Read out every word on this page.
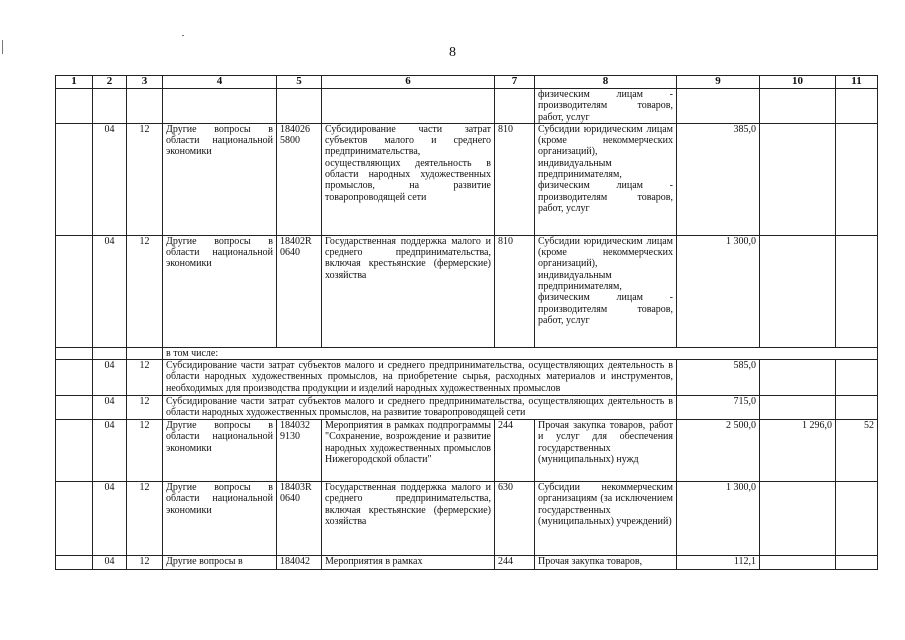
8
1	2	3	4	5	6	7	8	9	10	11
							физическим лицам - производителям товаров, работ, услуг			
	04	12	Другие вопросы в области национальной экономики	184026 5800	Субсидирование части затрат субъектов малого и среднего предпринимательства, осуществляющих деятельность в области народных художественных промыслов, на развитие товаропроводящей сети	810	Субсидии юридическим лицам (кроме некоммерческих организаций), индивидуальным предпринимателям, физическим лицам - производителям товаров, работ, услуг	385,0		
	04	12	Другие вопросы в области национальной экономики	18402R 0640	Государственная поддержка малого и среднего предпринимательства, включая крестьянские (фермерские) хозяйства	810	Субсидии юридическим лицам (кроме некоммерческих организаций), индивидуальным предпринимателям, физическим лицам - производителям товаров, работ, услуг	1 300,0		
			в том числе:							
	04	12	Субсидирование части затрат субъектов малого и среднего предпринимательства, осуществляющих деятельность в области народных художественных промыслов, на приобретение сырья, расходных материалов и инструментов, необходимых для производства продукции и изделий народных художественных промыслов					585,0		
	04	12	Субсидирование части затрат субъектов малого и среднего предпринимательства, осуществляющих деятельность в области народных художественных промыслов, на развитие товаропроводящей сети					715,0		
	04	12	Другие вопросы в области национальной экономики	184032 9130	Мероприятия в рамках подпрограммы "Сохранение, возрождение и развитие народных художественных промыслов Нижегородской области"	244	Прочая закупка товаров, работ и услуг для обеспечения государственных (муниципальных) нужд	2 500,0	1 296,0	52
	04	12	Другие вопросы в области национальной экономики	18403R 0640	Государственная поддержка малого и среднего предпринимательства, включая крестьянские (фермерские) хозяйства	630	Субсидии некоммерческим организациям (за исключением государственных (муниципальных) учреждений)	1 300,0		
	04	12	Другие вопросы в	184042	Мероприятия в рамках	244	Прочая закупка товаров,	112,1		
